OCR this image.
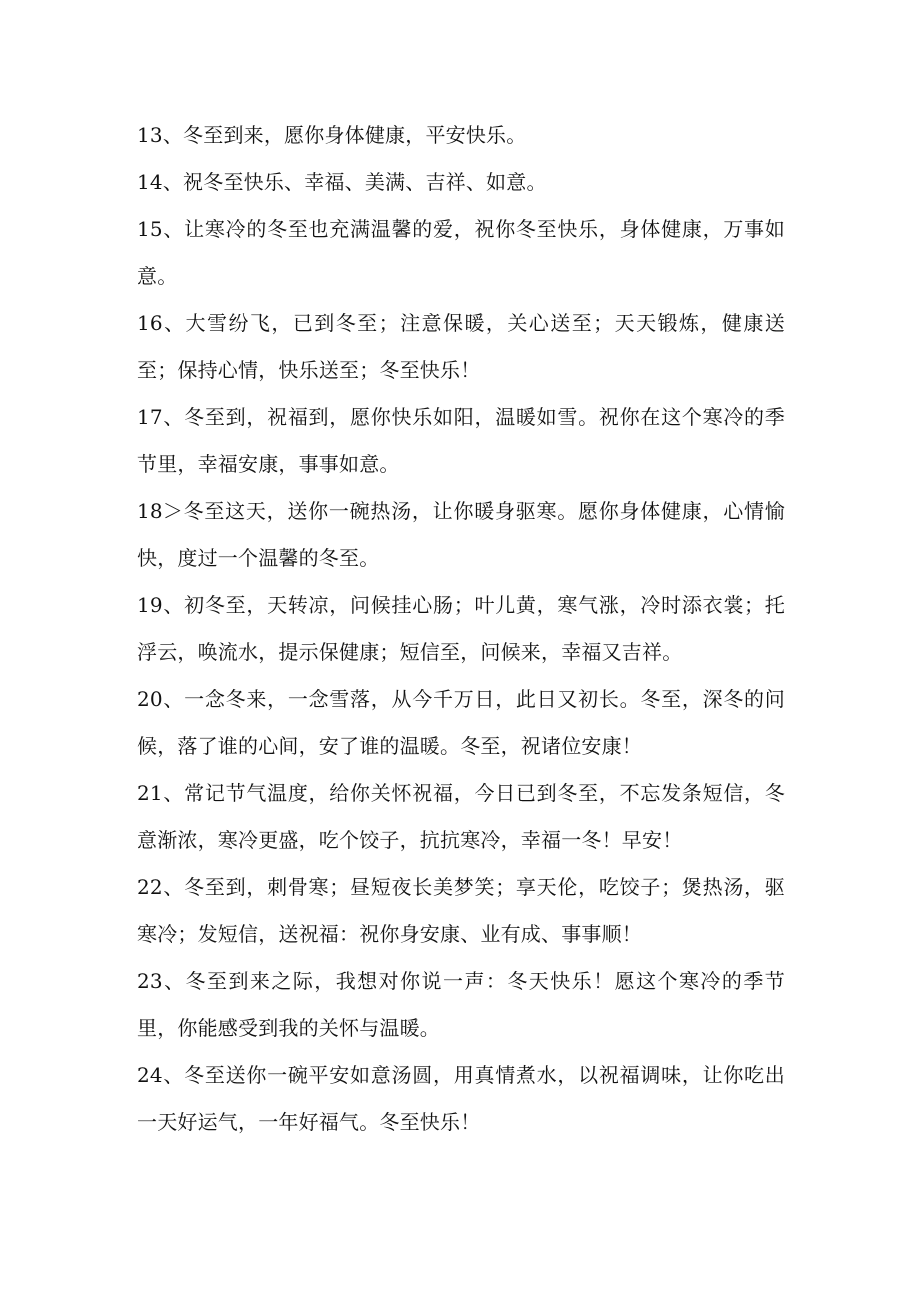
13、冬至到来，愿你身体健康，平安快乐。

14、祝冬至快乐、幸福、美满、吉祥、如意。

15、让寒冷的冬至也充满温馨的爱，祝你冬至快乐，身体健康，万事如意。

16、大雪纷飞，已到冬至；注意保暖，关心送至；天天锻炼，健康送至；保持心情，快乐送至；冬至快乐！

17、冬至到，祝福到，愿你快乐如阳，温暖如雪。祝你在这个寒冷的季节里，幸福安康，事事如意。

18＞冬至这天，送你一碗热汤，让你暖身驱寒。愿你身体健康，心情愉快，度过一个温馨的冬至。

19、初冬至，天转凉，问候挂心肠；叶儿黄，寒气涨，冷时添衣裳；托浮云，唤流水，提示保健康；短信至，问候来，幸福又吉祥。

20、一念冬来，一念雪落，从今千万日，此日又初长。冬至，深冬的问候，落了谁的心间，安了谁的温暖。冬至，祝诸位安康！

21、常记节气温度，给你关怀祝福，今日已到冬至，不忘发条短信，冬意渐浓，寒冷更盛，吃个饺子，抗抗寒冷，幸福一冬！早安！

22、冬至到，刺骨寒；昼短夜长美梦笑；享天伦，吃饺子；煲热汤，驱寒冷；发短信，送祝福：祝你身安康、业有成、事事顺！

23、冬至到来之际，我想对你说一声：冬天快乐！愿这个寒冷的季节里，你能感受到我的关怀与温暖。

24、冬至送你一碗平安如意汤圆，用真情煮水，以祝福调味，让你吃出一天好运气，一年好福气。冬至快乐！
